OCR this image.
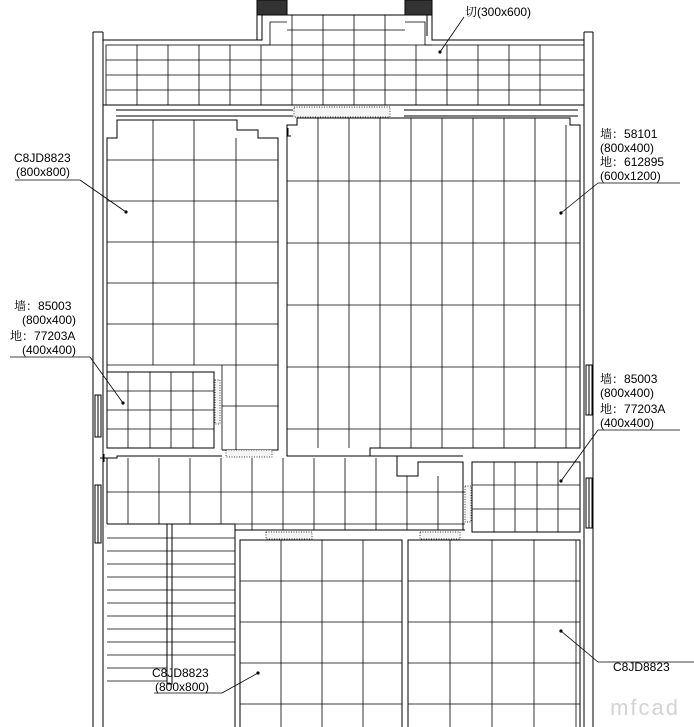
切(300x600)
C8JD8823
(800x800)
墙：58101
(800x400)
地：612895
(600x1200)
墙：85003
(800x400)
地：77203A
(400x400)
墙：85003
(800x400)
地：77203A
(400x400)
C8JD8823
(800x800)
C8JD8823
mfcad
